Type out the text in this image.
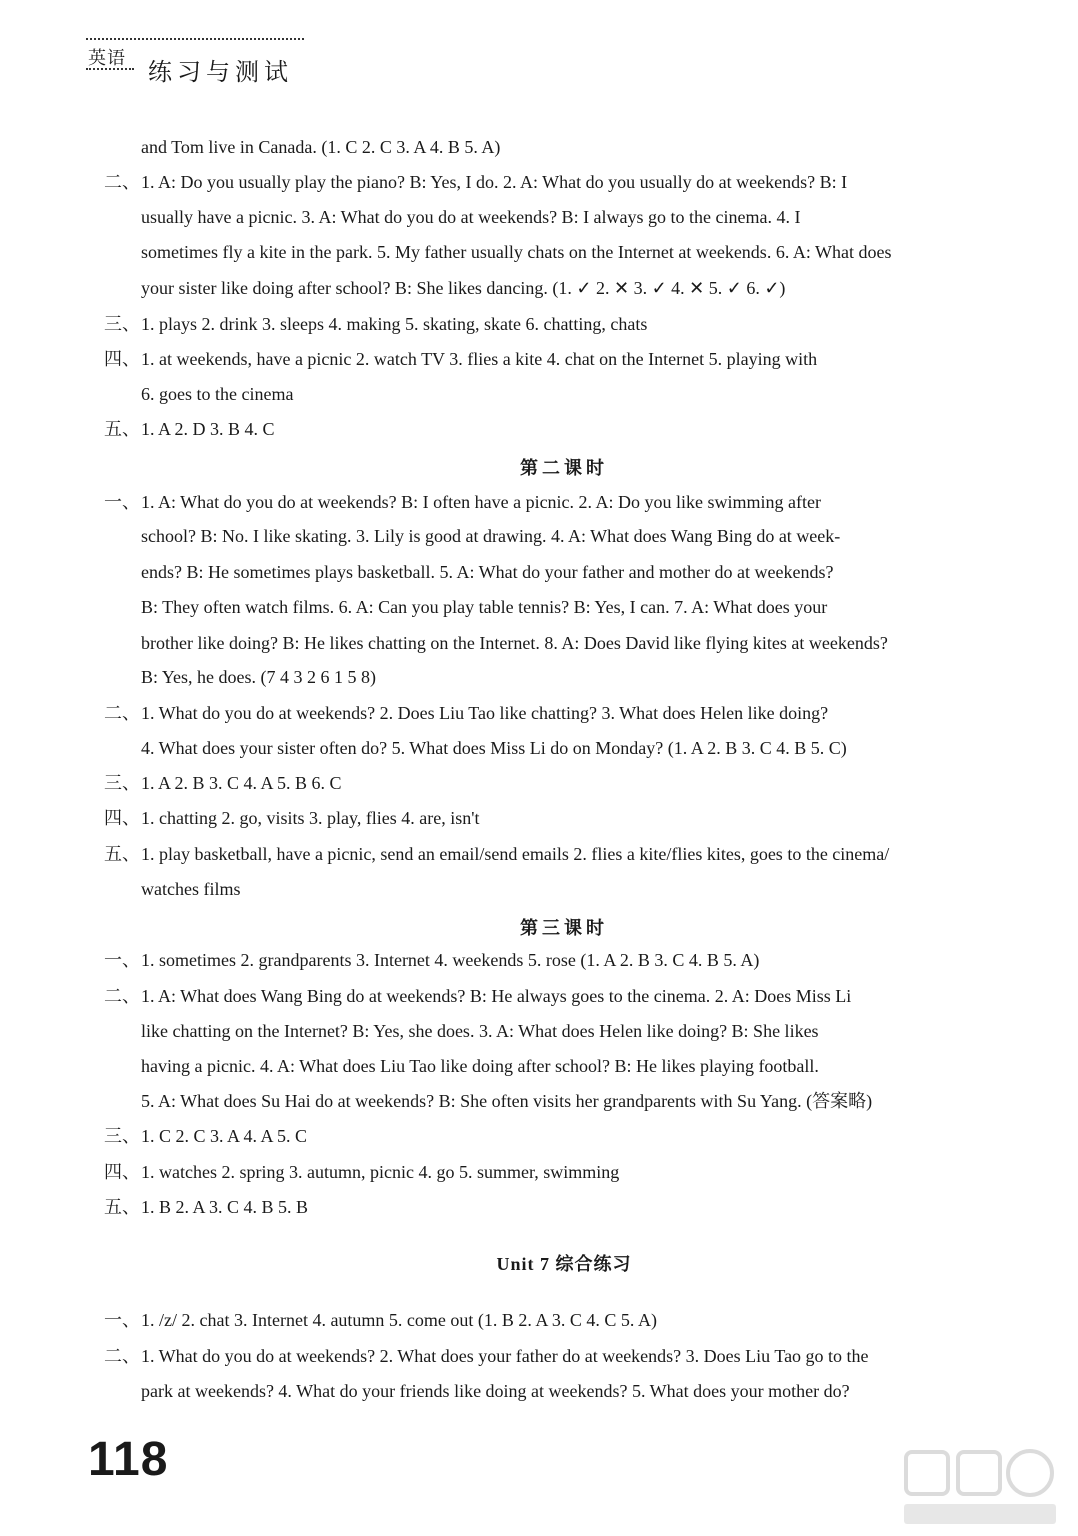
英语 练习与测试
and Tom live in Canada. (1. C 2. C 3. A 4. B 5. A)
二、 1. A: Do you usually play the piano? B: Yes, I do. 2. A: What do you usually do at weekends? B: I
usually have a picnic. 3. A: What do you do at weekends? B: I always go to the cinema. 4. I
sometimes fly a kite in the park. 5. My father usually chats on the Internet at weekends. 6. A: What does
your sister like doing after school? B: She likes dancing. (1. ✓ 2. ✕ 3. ✓ 4. ✕ 5. ✓ 6. ✓)
三、 1. plays 2. drink 3. sleeps 4. making 5. skating, skate 6. chatting, chats
四、 1. at weekends, have a picnic 2. watch TV 3. flies a kite 4. chat on the Internet 5. playing with
6. goes to the cinema
五、 1. A 2. D 3. B 4. C
第二课时
一、 1. A: What do you do at weekends? B: I often have a picnic. 2. A: Do you like swimming after
school? B: No. I like skating. 3. Lily is good at drawing. 4. A: What does Wang Bing do at week-
ends? B: He sometimes plays basketball. 5. A: What do your father and mother do at weekends?
B: They often watch films. 6. A: Can you play table tennis? B: Yes, I can. 7. A: What does your
brother like doing? B: He likes chatting on the Internet. 8. A: Does David like flying kites at weekends?
B: Yes, he does. (7 4 3 2 6 1 5 8)
二、 1. What do you do at weekends? 2. Does Liu Tao like chatting? 3. What does Helen like doing?
4. What does your sister often do? 5. What does Miss Li do on Monday? (1. A 2. B 3. C 4. B 5. C)
三、 1. A 2. B 3. C 4. A 5. B 6. C
四、 1. chatting 2. go, visits 3. play, flies 4. are, isn't
五、 1. play basketball, have a picnic, send an email/send emails 2. flies a kite/flies kites, goes to the cinema/
watches films
第三课时
一、 1. sometimes 2. grandparents 3. Internet 4. weekends 5. rose (1. A 2. B 3. C 4. B 5. A)
二、 1. A: What does Wang Bing do at weekends? B: He always goes to the cinema. 2. A: Does Miss Li
like chatting on the Internet? B: Yes, she does. 3. A: What does Helen like doing? B: She likes
having a picnic. 4. A: What does Liu Tao like doing after school? B: He likes playing football.
5. A: What does Su Hai do at weekends? B: She often visits her grandparents with Su Yang. (答案略)
三、 1. C 2. C 3. A 4. A 5. C
四、 1. watches 2. spring 3. autumn, picnic 4. go 5. summer, swimming
五、 1. B 2. A 3. C 4. B 5. B
Unit 7 综合练习
一、 1. /z/ 2. chat 3. Internet 4. autumn 5. come out (1. B 2. A 3. C 4. C 5. A)
二、 1. What do you do at weekends? 2. What does your father do at weekends? 3. Does Liu Tao go to the
park at weekends? 4. What do your friends like doing at weekends? 5. What does your mother do?
118
